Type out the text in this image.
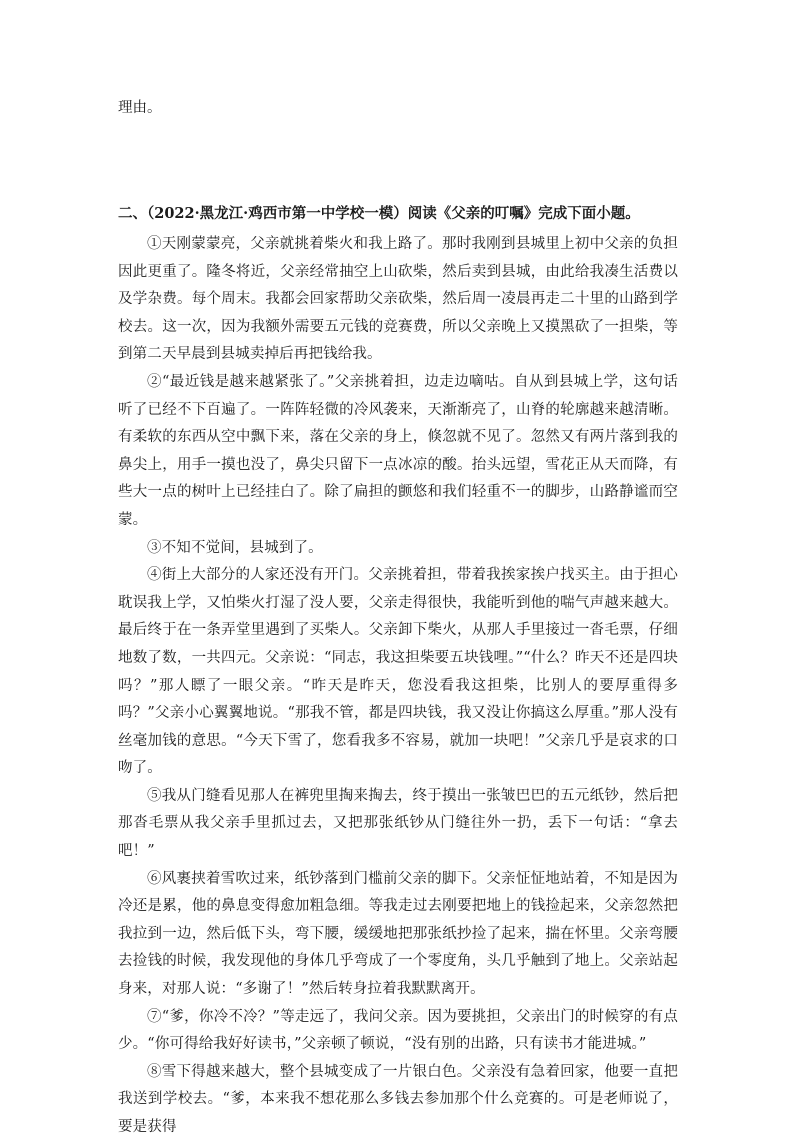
理由。

二、（2022·黑龙江·鸡西市第一中学校一模）阅读《父亲的叮嘱》完成下面小题。

①天刚蒙蒙亮，父亲就挑着柴火和我上路了。那时我刚到县城里上初中父亲的负担因此更重了。隆冬将近，父亲经常抽空上山砍柴，然后卖到县城，由此给我凑生活费以及学杂费。每个周末。我都会回家帮助父亲砍柴，然后周一凌晨再走二十里的山路到学校去。这一次，因为我额外需要五元钱的竞赛费，所以父亲晚上又摸黑砍了一担柴，等到第二天早晨到县城卖掉后再把钱给我。

②“最近钱是越来越紧张了。”父亲挑着担，边走边嘀咕。自从到县城上学，这句话听了已经不下百遍了。一阵阵轻微的冷风袭来，天渐渐亮了，山脊的轮廓越来越清晰。有柔软的东西从空中飘下来，落在父亲的身上，倏忽就不见了。忽然又有两片落到我的鼻尖上，用手一摸也没了，鼻尖只留下一点冰凉的酸。抬头远望，雪花正从天而降，有些大一点的树叶上已经挂白了。除了扁担的颤悠和我们轻重不一的脚步，山路静谧而空蒙。

③不知不觉间，县城到了。

④街上大部分的人家还没有开门。父亲挑着担，带着我挨家挨户找买主。由于担心耽误我上学，又怕柴火打湿了没人要，父亲走得很快，我能听到他的喘气声越来越大。最后终于在一条弄堂里遇到了买柴人。父亲卸下柴火，从那人手里接过一沓毛票，仔细地数了数，一共四元。父亲说：“同志，我这担柴要五块钱哩。”“什么？昨天不还是四块吗？”那人瞟了一眼父亲。“昨天是昨天，您没看我这担柴，比别人的要厚重得多吗？”父亲小心翼翼地说。“那我不管，都是四块钱，我又没让你搞这么厚重。”那人没有丝毫加钱的意思。“今天下雪了，您看我多不容易，就加一块吧！”父亲几乎是哀求的口吻了。

⑤我从门缝看见那人在裤兜里掏来掏去，终于摸出一张皱巴巴的五元纸钞，然后把那沓毛票从我父亲手里抓过去，又把那张纸钞从门缝往外一扔，丢下一句话：“拿去吧！”

⑥风裹挟着雪吹过来，纸钞落到门槛前父亲的脚下。父亲怔怔地站着，不知是因为冷还是累，他的鼻息变得愈加粗急细。等我走过去刚要把地上的钱捡起来，父亲忽然把我拉到一边，然后低下头，弯下腰，缓缓地把那张纸抄捡了起来，揣在怀里。父亲弯腰去捡钱的时候，我发现他的身体几乎弯成了一个零度角，头几乎触到了地上。父亲站起身来，对那人说：“多谢了！”然后转身拉着我默默离开。

⑦“爹，你冷不冷？”等走远了，我问父亲。因为要挑担，父亲出门的时候穿的有点少。“你可得给我好好读书，”父亲顿了顿说，“没有别的出路，只有读书才能进城。”

⑧雪下得越来越大，整个县城变成了一片银白色。父亲没有急着回家，他要一直把我送到学校去。“爹，本来我不想花那么多钱去参加那个什么竞赛的。可是老师说了，要是获得
